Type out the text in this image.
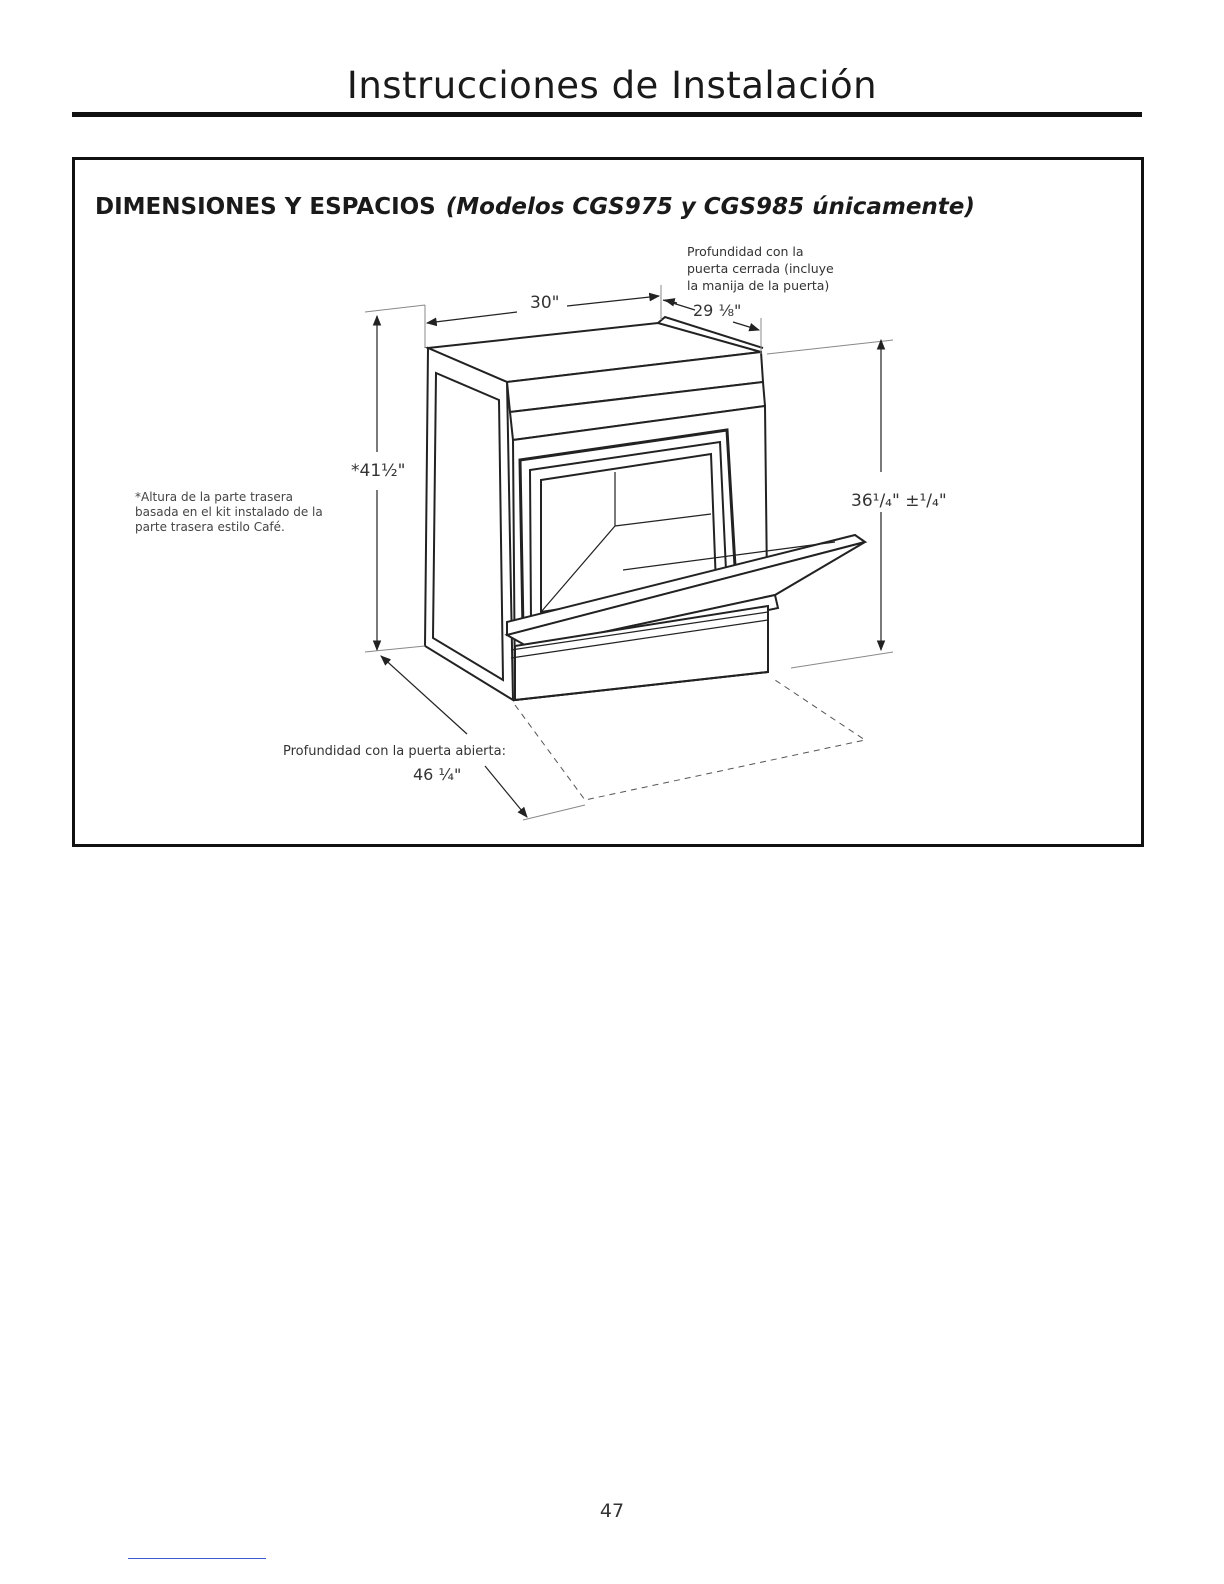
Instrucciones de Instalación
DIMENSIONES Y ESPACIOS (Modelos CGS975 y CGS985 únicamente)
30"
Profundidad con la
puerta cerrada (incluye
la manija de la puerta)
29 ⅛"
*41½"
36¹/₄" ±¹/₄"
Profundidad con la puerta abierta:
46 ¼"
*Altura de la parte trasera
basada en el kit instalado de la
parte trasera estilo Café.
47
